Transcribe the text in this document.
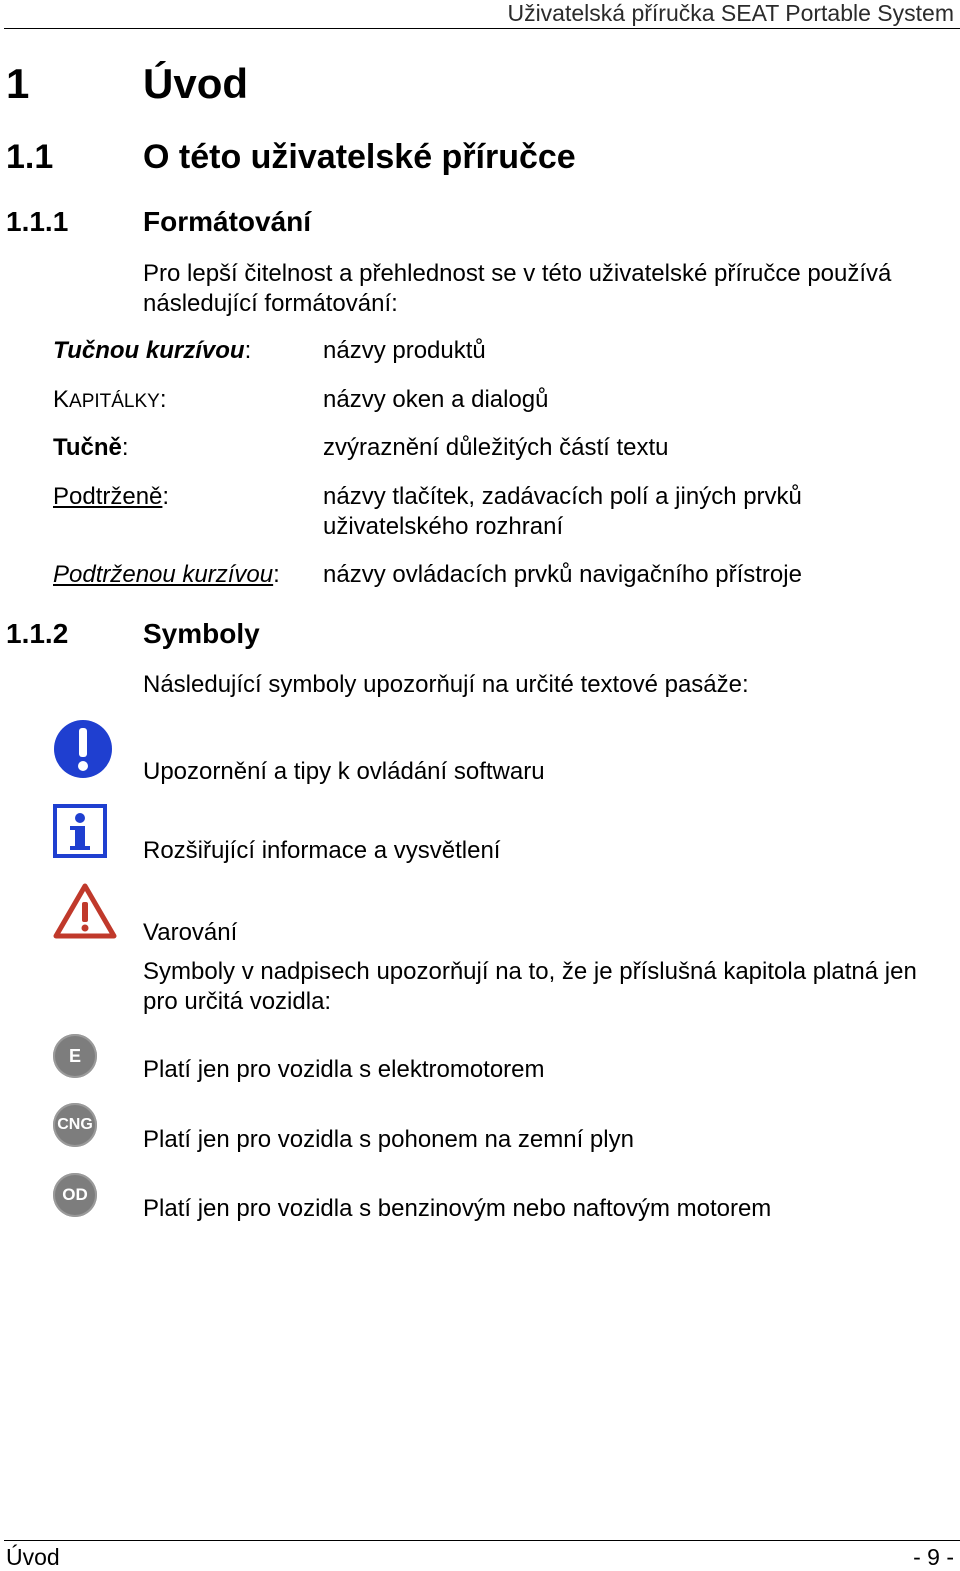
Uživatelská příručka SEAT Portable System
1	Úvod
1.1	O této uživatelské příručce
1.1.1	Formátování
Pro lepší čitelnost a přehlednost se v této uživatelské příručce používá následující formátování:
Tučnou kurzívou:	názvy produktů
KAPITÁLKY:	názvy oken a dialogů
Tučně:	zvýraznění důležitých částí textu
Podtrženě:	názvy tlačítek, zadávacích polí a jiných prvků uživatelského rozhraní
Podtrženou kurzívou: názvy ovládacích prvků navigačního přístroje
1.1.2	Symboly
Následující symboly upozorňují na určité textové pasáže:
Upozornění a tipy k ovládání softwaru
Rozšiřující informace a vysvětlení
Varování
Symboly v nadpisech upozorňují na to, že je příslušná kapitola platná jen pro určitá vozidla:
E
Platí jen pro vozidla s elektromotorem
CNG
Platí jen pro vozidla s pohonem na zemní plyn
OD
Platí jen pro vozidla s benzinovým nebo naftovým motorem
Úvod	- 9 -
